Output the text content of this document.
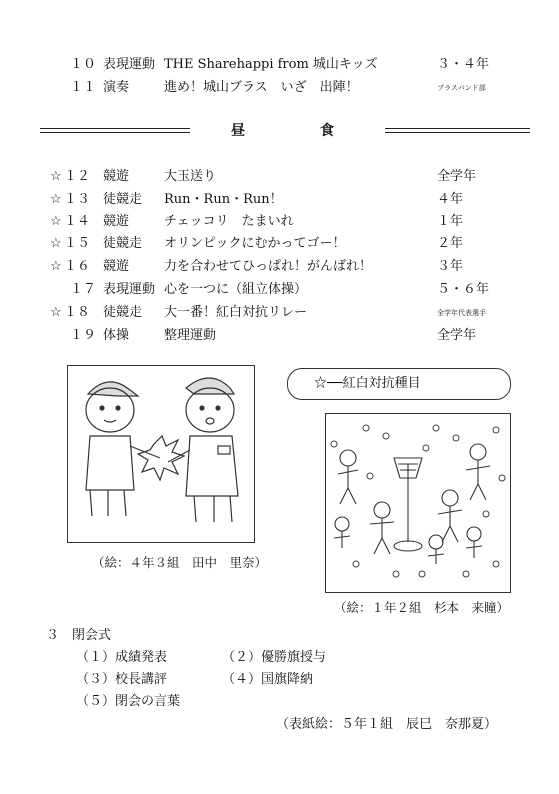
１０ 表現運動 THE Sharehappi from 城山キッズ	３・４年
１１ 演奏	進め！城山ブラス　いざ　出陣！	ブラスバンド部
昼	食
☆ １２ 競遊	大玉送り	全学年
☆ １３ 徒競走 Run・Run・Run！	４年
☆ １４ 競遊	チェッコリ　たまいれ	１年
☆ １５ 徒競走 オリンピックにむかってゴー！	２年
☆ １６ 競遊	力を合わせてひっぱれ！がんばれ！	３年
１７ 表現運動 心を一つに（組立体操）	５・６年
☆ １８ 徒競走 大一番！紅白対抗リレー	全学年代表選手
１９ 体操	整理運動	全学年
☆──紅白対抗種目
（絵：４年３組　田中　里奈）
（絵：１年２組　杉本　来瞳）
３　閉会式
（１）成績発表	（２）優勝旗授与
（３）校長講評	（４）国旗降納
（５）閉会の言葉
（表紙絵：５年１組　辰巳　奈那夏）
